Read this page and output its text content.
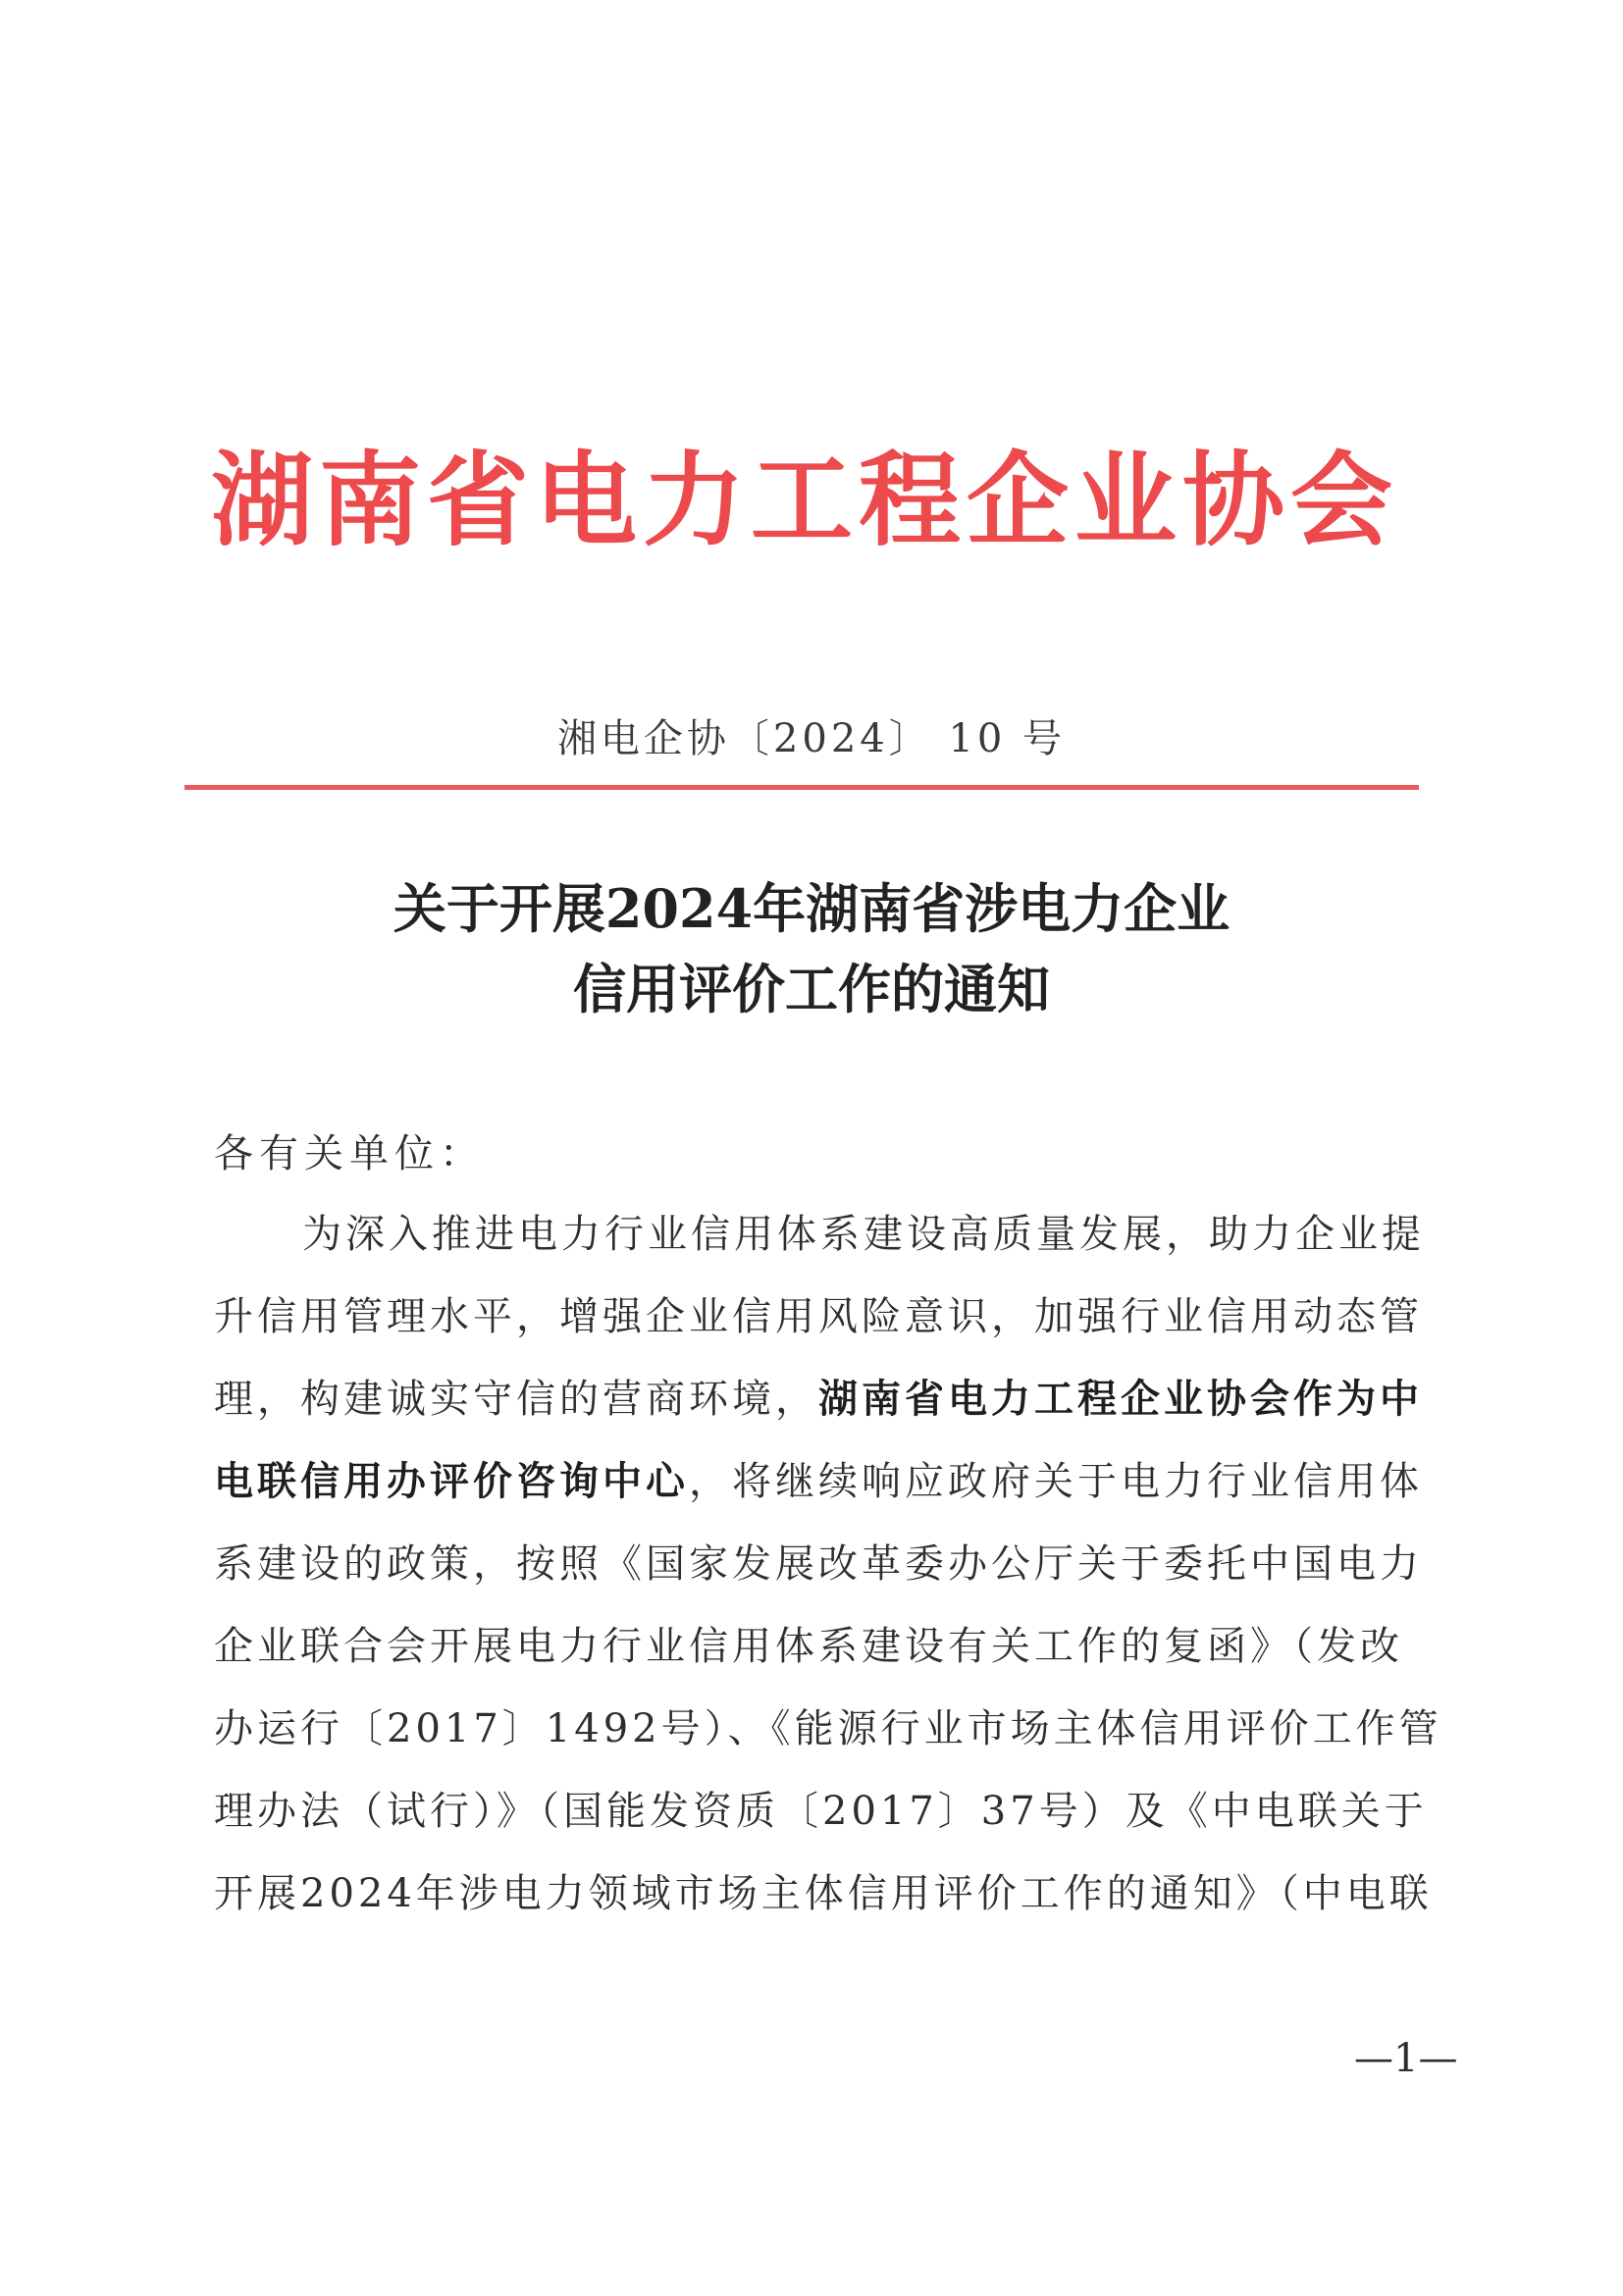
湖南省电力工程企业协会
湘电企协〔2024〕 10 号
关于开展2024年湖南省涉电力企业
信用评价工作的通知
各有关单位：
为深入推进电力行业信用体系建设高质量发展，助力企业提
升信用管理水平，增强企业信用风险意识，加强行业信用动态管
理，构建诚实守信的营商环境，湖南省电力工程企业协会作为中
电联信用办评价咨询中心，将继续响应政府关于电力行业信用体
系建设的政策，按照《国家发展改革委办公厅关于委托中国电力
企业联合会开展电力行业信用体系建设有关工作的复函》（发改
办运行〔2017〕1492号）、《能源行业市场主体信用评价工作管
理办法（试行）》（国能发资质〔2017〕37号）及《中电联关于
开展2024年涉电力领域市场主体信用评价工作的通知》（中电联
—1—
